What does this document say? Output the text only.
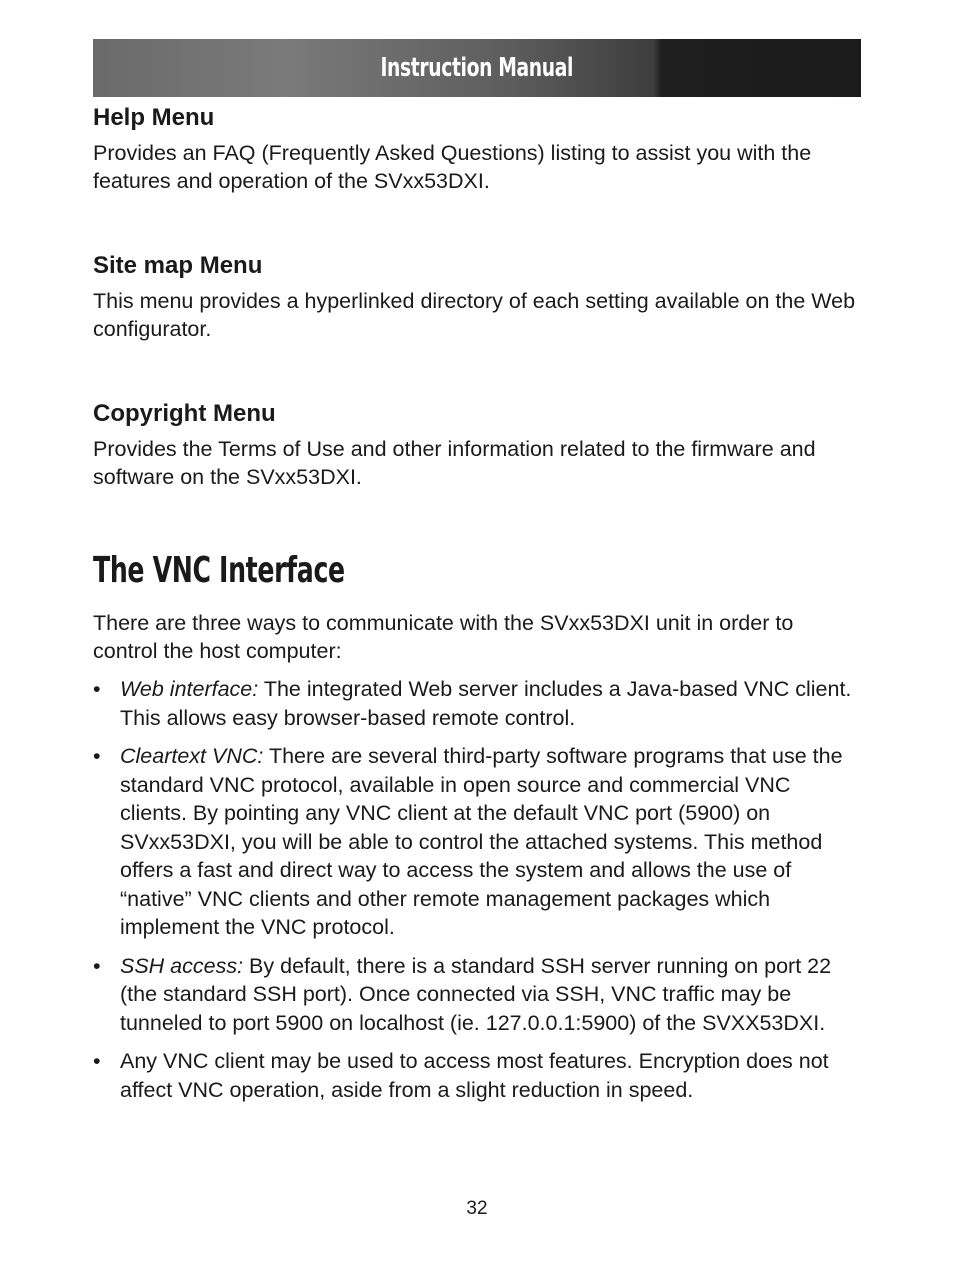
Instruction Manual
Help Menu

Provides an FAQ (Frequently Asked Questions) listing to assist you with the features and operation of the SVxx53DXI.

Site map Menu

This menu provides a hyperlinked directory of each setting available on the Web configurator.

Copyright Menu

Provides the Terms of Use and other information related to the firmware and software on the SVxx53DXI.

The VNC Interface

There are three ways to communicate with the SVxx53DXI unit in order to control the host computer:

• Web interface: The integrated Web server includes a Java-based VNC client. This allows easy browser-based remote control.
• Cleartext VNC: There are several third-party software programs that use the standard VNC protocol, available in open source and commercial VNC clients. By pointing any VNC client at the default VNC port (5900) on SVxx53DXI, you will be able to control the attached systems. This method offers a fast and direct way to access the system and allows the use of “native” VNC clients and other remote management packages which implement the VNC protocol.
• SSH access: By default, there is a standard SSH server running on port 22 (the standard SSH port). Once connected via SSH, VNC traffic may be tunneled to port 5900 on localhost (ie. 127.0.0.1:5900) of the SVXX53DXI.
• Any VNC client may be used to access most features. Encryption does not affect VNC operation, aside from a slight reduction in speed.
32
